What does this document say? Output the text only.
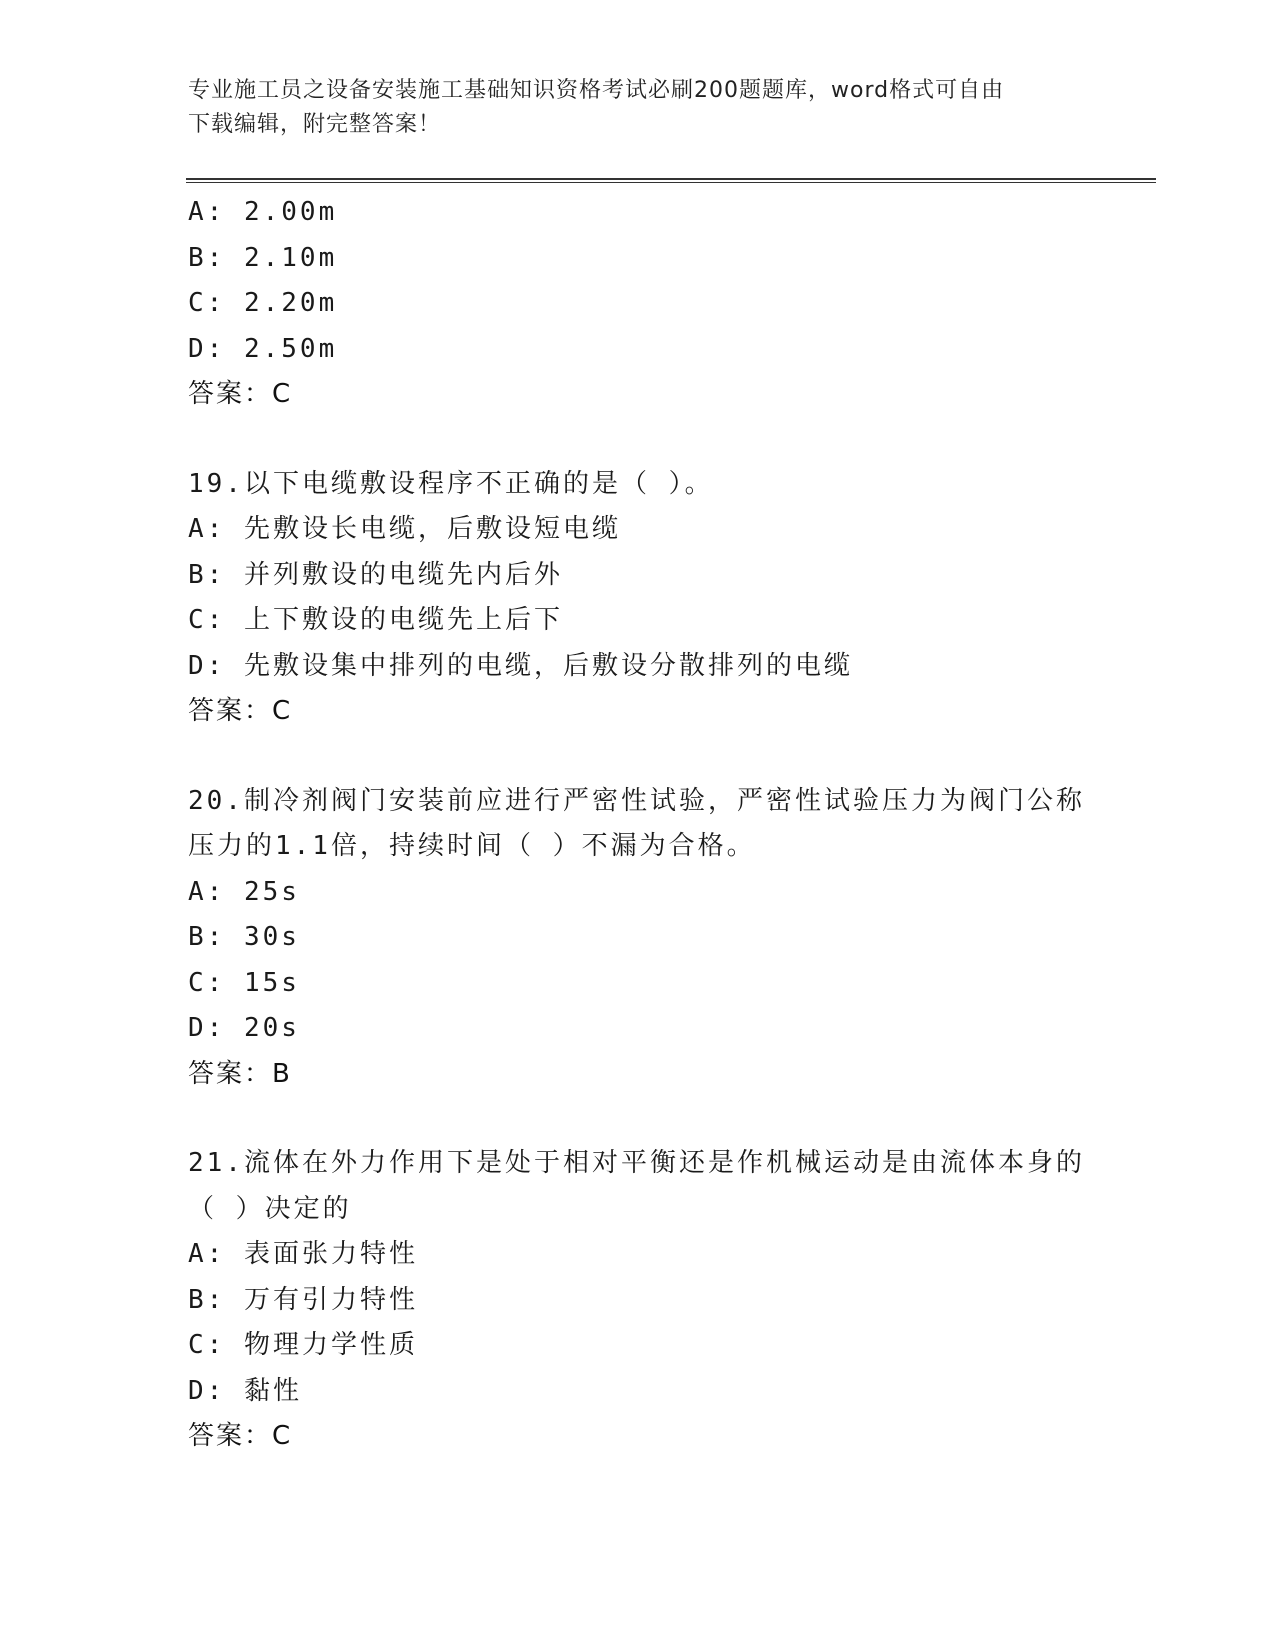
专业施工员之设备安装施工基础知识资格考试必刷200题题库，word格式可自由
下载编辑，附完整答案！
A: 2.00m
B: 2.10m
C: 2.20m
D: 2.50m
答案：C
19.以下电缆敷设程序不正确的是（ ）。
A: 先敷设长电缆，后敷设短电缆
B: 并列敷设的电缆先内后外
C: 上下敷设的电缆先上后下
D: 先敷设集中排列的电缆，后敷设分散排列的电缆
答案：C
20.制冷剂阀门安装前应进行严密性试验，严密性试验压力为阀门公称
压力的1.1倍，持续时间（ ）不漏为合格。
A: 25s
B: 30s
C: 15s
D: 20s
答案：B
21.流体在外力作用下是处于相对平衡还是作机械运动是由流体本身的
（ ）决定的
A: 表面张力特性
B: 万有引力特性
C: 物理力学性质
D: 黏性
答案：C
